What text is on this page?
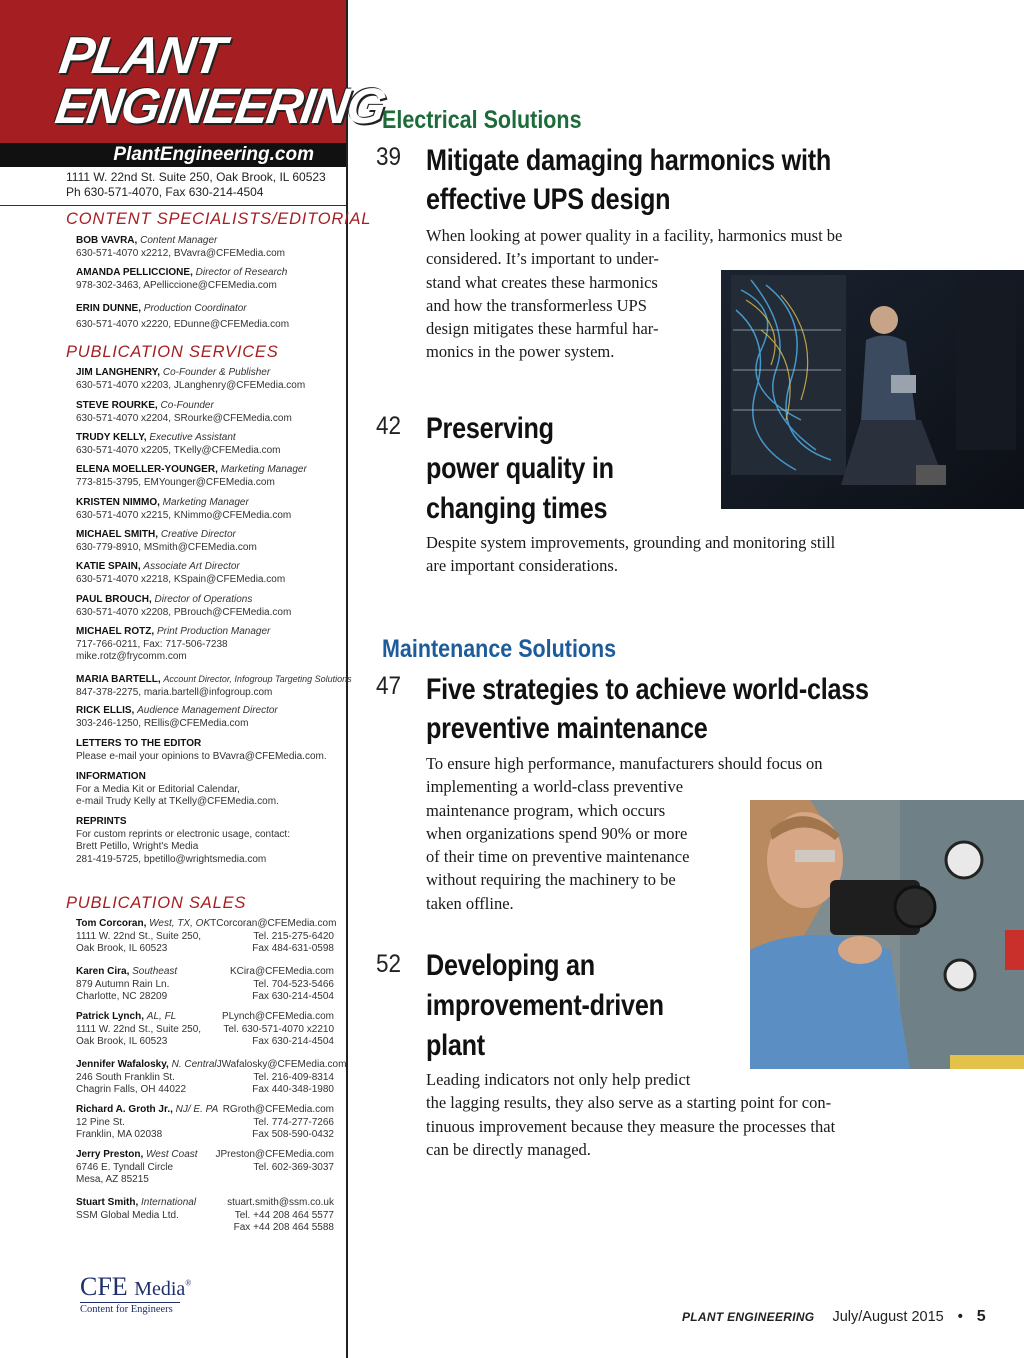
PLANT
ENGINEERING
PlantEngineering.com
1111 W. 22nd St. Suite 250, Oak Brook, IL 60523
Ph 630-571-4070, Fax 630-214-4504
CONTENT SPECIALISTS/EDITORIAL
BOB VAVRA, Content Manager
630-571-4070 x2212, BVavra@CFEMedia.com
AMANDA PELLICCIONE, Director of Research
978-302-3463, APelliccione@CFEMedia.com
ERIN DUNNE, Production Coordinator
630-571-4070 x2220, EDunne@CFEMedia.com
PUBLICATION SERVICES
JIM LANGHENRY, Co-Founder & Publisher
630-571-4070 x2203, JLanghenry@CFEMedia.com
STEVE ROURKE, Co-Founder
630-571-4070 x2204, SRourke@CFEMedia.com
TRUDY KELLY, Executive Assistant
630-571-4070 x2205, TKelly@CFEMedia.com
ELENA MOELLER-YOUNGER, Marketing Manager
773-815-3795, EMYounger@CFEMedia.com
KRISTEN NIMMO, Marketing Manager
630-571-4070 x2215, KNimmo@CFEMedia.com
MICHAEL SMITH, Creative Director
630-779-8910, MSmith@CFEMedia.com
KATIE SPAIN, Associate Art Director
630-571-4070 x2218, KSpain@CFEMedia.com
PAUL BROUCH, Director of Operations
630-571-4070 x2208, PBrouch@CFEMedia.com
MICHAEL ROTZ, Print Production Manager
717-766-0211, Fax: 717-506-7238
mike.rotz@frycomm.com
MARIA BARTELL, Account Director, Infogroup Targeting Solutions
847-378-2275, maria.bartell@infogroup.com
RICK ELLIS, Audience Management Director
303-246-1250, REllis@CFEMedia.com
LETTERS TO THE EDITOR
Please e-mail your opinions to BVavra@CFEMedia.com.
INFORMATION
For a Media Kit or Editorial Calendar,
e-mail Trudy Kelly at TKelly@CFEMedia.com.
REPRINTS
For custom reprints or electronic usage, contact:
Brett Petillo, Wright's Media
281-419-5725, bpetillo@wrightsmedia.com
PUBLICATION SALES
Tom Corcoran, West, TX, OK TCorcoran@CFEMedia.com
1111 W. 22nd St., Suite 250,	Tel. 215-275-6420
Oak Brook, IL 60523	Fax 484-631-0598
Karen Cira, Southeast	KCira@CFEMedia.com
879 Autumn Rain Ln.	Tel. 704-523-5466
Charlotte, NC 28209	Fax 630-214-4504
Patrick Lynch, AL, FL	PLynch@CFEMedia.com
1111 W. 22nd St., Suite 250, Tel. 630-571-4070 x2210
Oak Brook, IL 60523	Fax 630-214-4504
Jennifer Wafalosky, N. Central JWafalosky@CFEMedia.com
246 South Franklin St.	Tel. 216-409-8314
Chagrin Falls, OH 44022	Fax 440-348-1980
Richard A. Groth Jr., NJ/ E. PA RGroth@CFEMedia.com
12 Pine St.	Tel. 774-277-7266
Franklin, MA 02038	Fax 508-590-0432
Jerry Preston, West Coast JPreston@CFEMedia.com
6746 E. Tyndall Circle	Tel. 602-369-3037
Mesa, AZ 85215
Stuart Smith, International	stuart.smith@ssm.co.uk
SSM Global Media Ltd.	Tel. +44 208 464 5577
Fax +44 208 464 5588
CFE Media®
Content for Engineers
Electrical Solutions
39 Mitigate damaging harmonics with
effective UPS design
When looking at power quality in a facility, harmonics must be
considered. It’s important to under-
stand what creates these harmonics
and how the transformerless UPS
design mitigates these harmful har-
monics in the power system.
42 Preserving
power quality in
changing times
Despite system improvements, grounding and monitoring still
are important considerations.
Maintenance Solutions
47 Five strategies to achieve world-class
preventive maintenance
To ensure high performance, manufacturers should focus on
implementing a world-class preventive
maintenance program, which occurs
when organizations spend 90% or more
of their time on preventive maintenance
without requiring the machinery to be
taken offline.
52 Developing an
improvement-driven
plant
Leading indicators not only help predict
the lagging results, they also serve as a starting point for con-
tinuous improvement because they measure the processes that
can be directly managed.
PLANT ENGINEERING July/August 2015 • 5
